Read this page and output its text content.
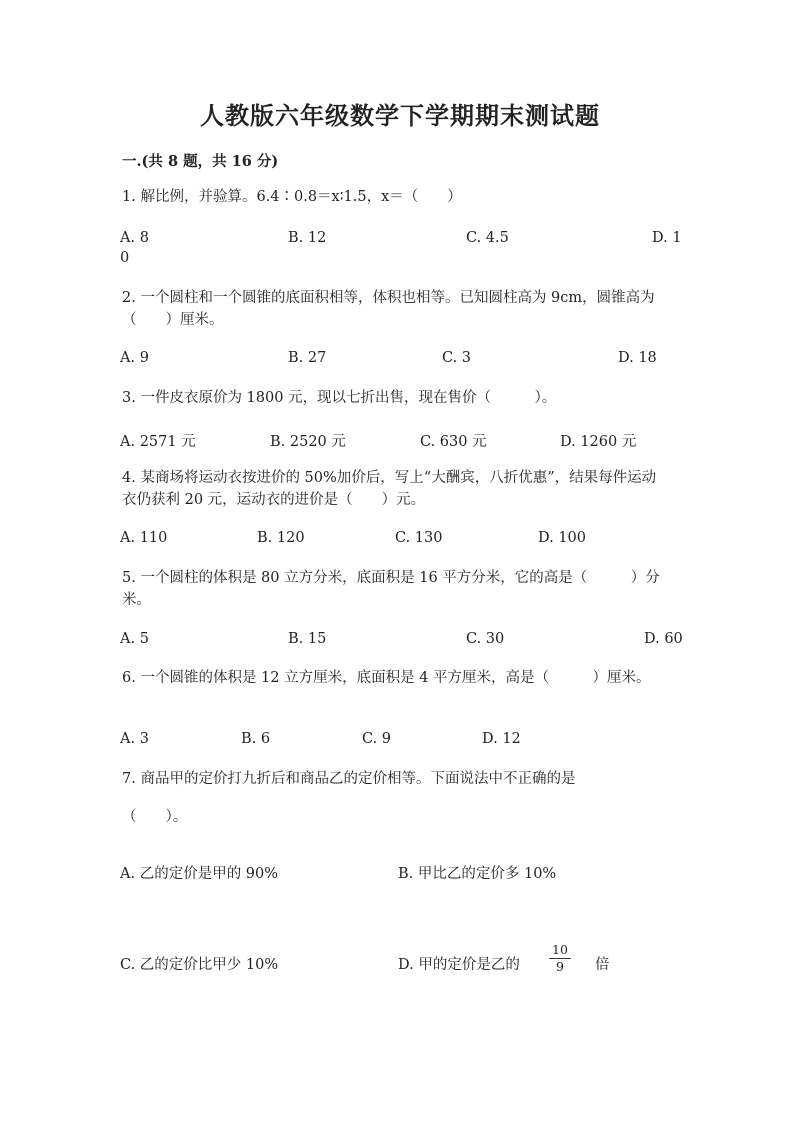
人教版六年级数学下学期期末测试题
一.(共 8 题，共 16 分)
1. 解比例，并验算。6.4∶0.8＝x∶1.5，x＝（　　）
A. 8	B. 12	C. 4.5	D. 1
0
2. 一个圆柱和一个圆锥的底面积相等，体积也相等。已知圆柱高为 9cm，圆锥高为（　　）厘米。
A. 9	B. 27	C. 3	D. 18
3. 一件皮衣原价为 1800 元，现以七折出售，现在售价（　　　）。
A. 2571 元	B. 2520 元	C. 630 元	D. 1260 元
4. 某商场将运动衣按进价的 50%加价后，写上“大酬宾，八折优惠”，结果每件运动衣仍获利 20 元，运动衣的进价是（　　）元。
A. 110	B. 120	C. 130	D. 100
5. 一个圆柱的体积是 80 立方分米，底面积是 16 平方分米，它的高是（　　　）分米。
A. 5	B. 15	C. 30	D. 60
6. 一个圆锥的体积是 12 立方厘米，底面积是 4 平方厘米，高是（　　　）厘米。
A. 3	B. 6	C. 9	D. 12
7. 商品甲的定价打九折后和商品乙的定价相等。下面说法中不正确的是
（　　）。
A. 乙的定价是甲的 90%	B. 甲比乙的定价多 10%
C. 乙的定价比甲少 10%	D. 甲的定价是乙的	倍
$\frac{10}{9}$
